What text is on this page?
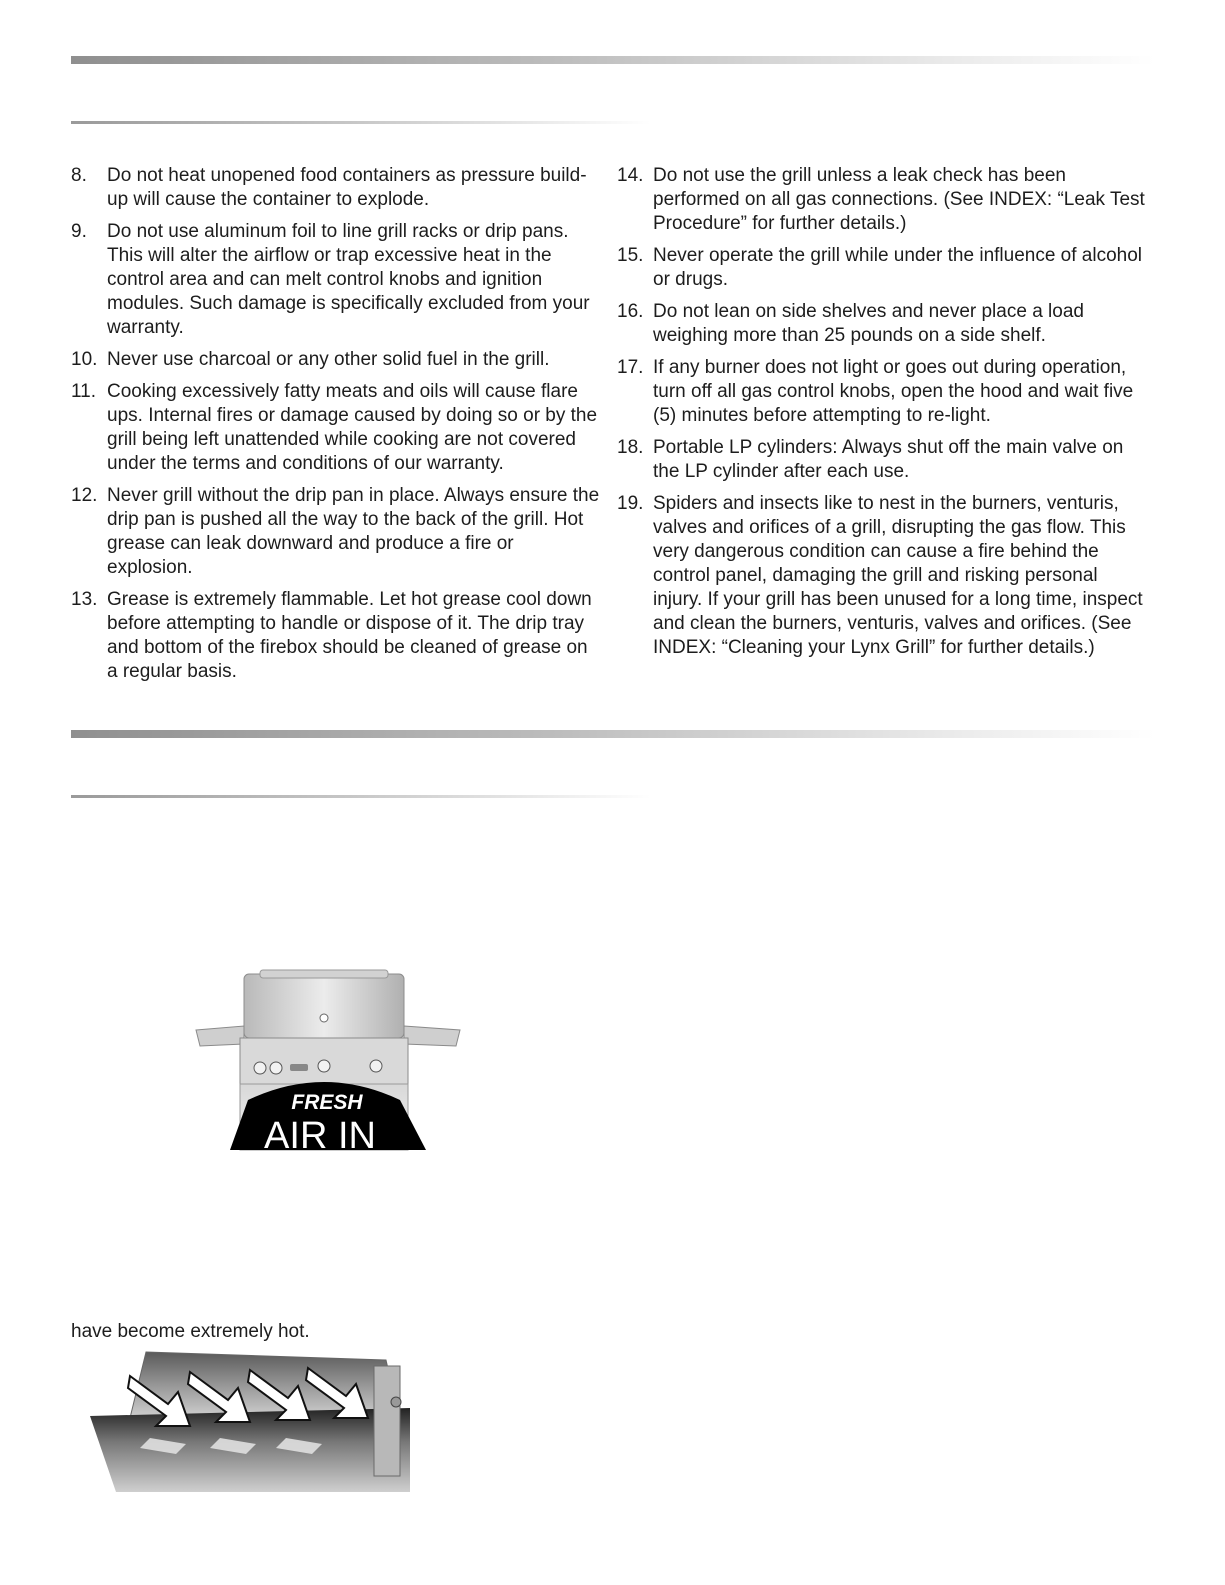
8.	Do not heat unopened food containers as pressure build-up will cause the container to explode.
9.	Do not use aluminum foil to line grill racks or drip pans. This will alter the airflow or trap excessive heat in the control area and can melt control knobs and ignition modules. Such damage is specifically excluded from your warranty.
10. Never use charcoal or any other solid fuel in the grill.
11. Cooking excessively fatty meats and oils will cause flare ups. Internal fires or damage caused by doing so or by the grill being left unattended while cooking are not covered under the terms and conditions of our warranty.
12. Never grill without the drip pan in place. Always ensure the drip pan is pushed all the way to the back of the grill. Hot grease can leak downward and produce a fire or explosion.
13. Grease is extremely flammable. Let hot grease cool down before attempting to handle or dispose of it. The drip tray and bottom of the firebox should be cleaned of grease on a regular basis.
14. Do not use the grill unless a leak check has been performed on all gas connections. (See INDEX: “Leak Test Procedure” for further details.)
15. Never operate the grill while under the influence of alcohol or drugs.
16. Do not lean on side shelves and never place a load weighing more than 25 pounds on a side shelf.
17. If any burner does not light or goes out during operation, turn off all gas control knobs, open the hood and wait five (5) minutes before attempting to re-light.
18. Portable LP cylinders: Always shut off the main valve on the LP cylinder after each use.
19. Spiders and insects like to nest in the burners, venturis, valves and orifices of a grill, disrupting the gas flow. This very dangerous condition can cause a fire behind the control panel, damaging the grill and risking personal injury. If your grill has been unused for a long time, inspect and clean the burners, venturis, valves and orifices. (See INDEX: “Cleaning your Lynx Grill” for further details.)
FRESH
AIR IN
have become extremely hot.
